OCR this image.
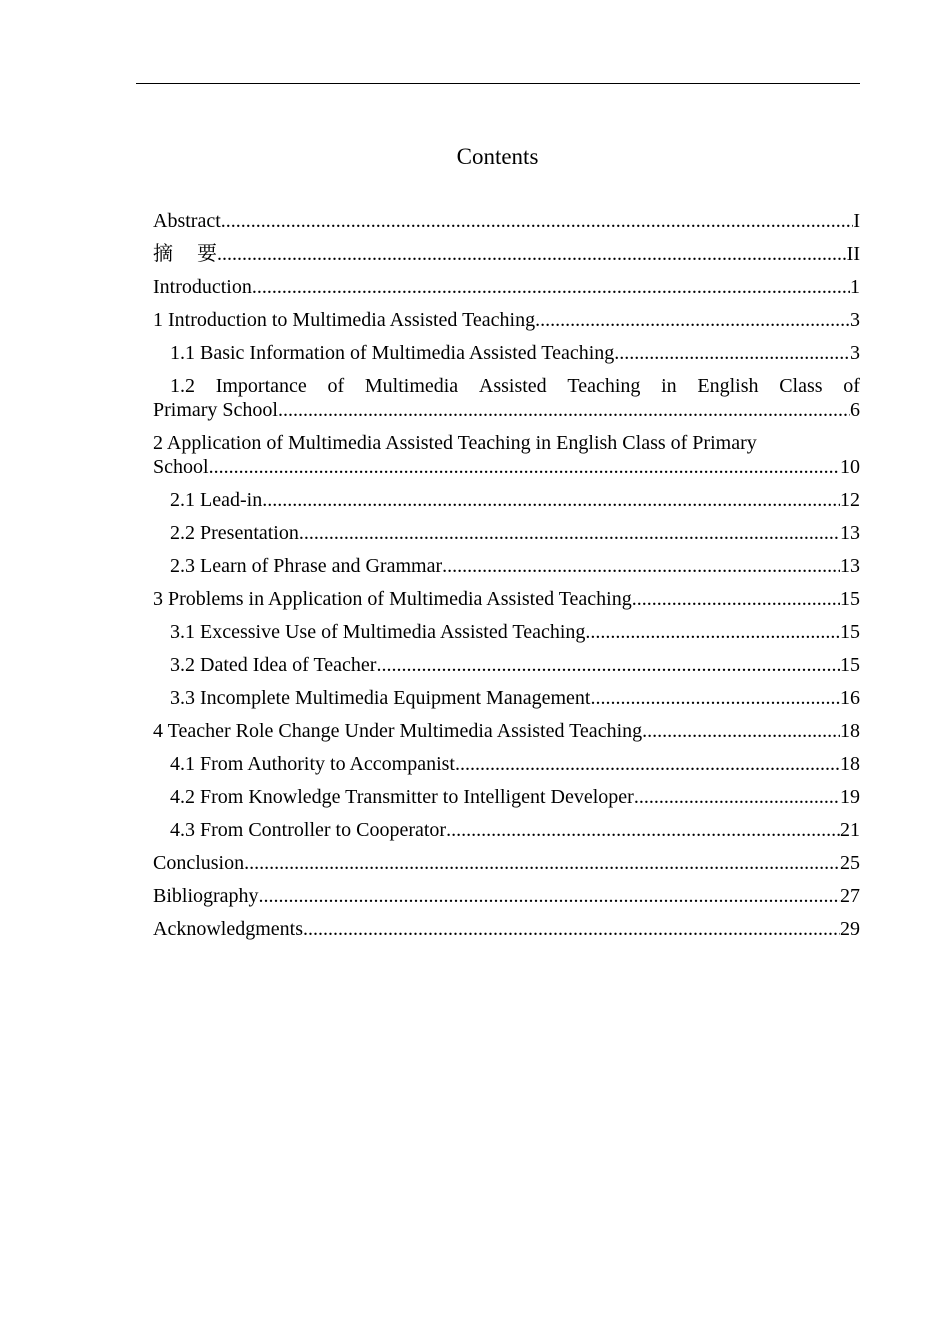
Contents
Abstract .....	I
摘 要 .....	II
Introduction .....	1
1 Introduction to Multimedia Assisted Teaching .....	3
1.1 Basic Information of Multimedia Assisted Teaching .....	3
1.2 Importance of Multimedia Assisted Teaching in English Class of
Primary School .....	6
2 Application of Multimedia Assisted Teaching in English Class of Primary
School .....	10
2.1 Lead-in .....	12
2.2 Presentation .....	13
2.3 Learn of Phrase and Grammar .....	13
3 Problems in Application of Multimedia Assisted Teaching .....	15
3.1 Excessive Use of Multimedia Assisted Teaching .....	15
3.2 Dated Idea of Teacher .....	15
3.3 Incomplete Multimedia Equipment Management .....	16
4 Teacher Role Change Under Multimedia Assisted Teaching .....	18
4.1 From Authority to Accompanist .....	18
4.2 From Knowledge Transmitter to Intelligent Developer .....	19
4.3 From Controller to Cooperator .....	21
Conclusion .....	25
Bibliography .....	27
Acknowledgments .....	29
